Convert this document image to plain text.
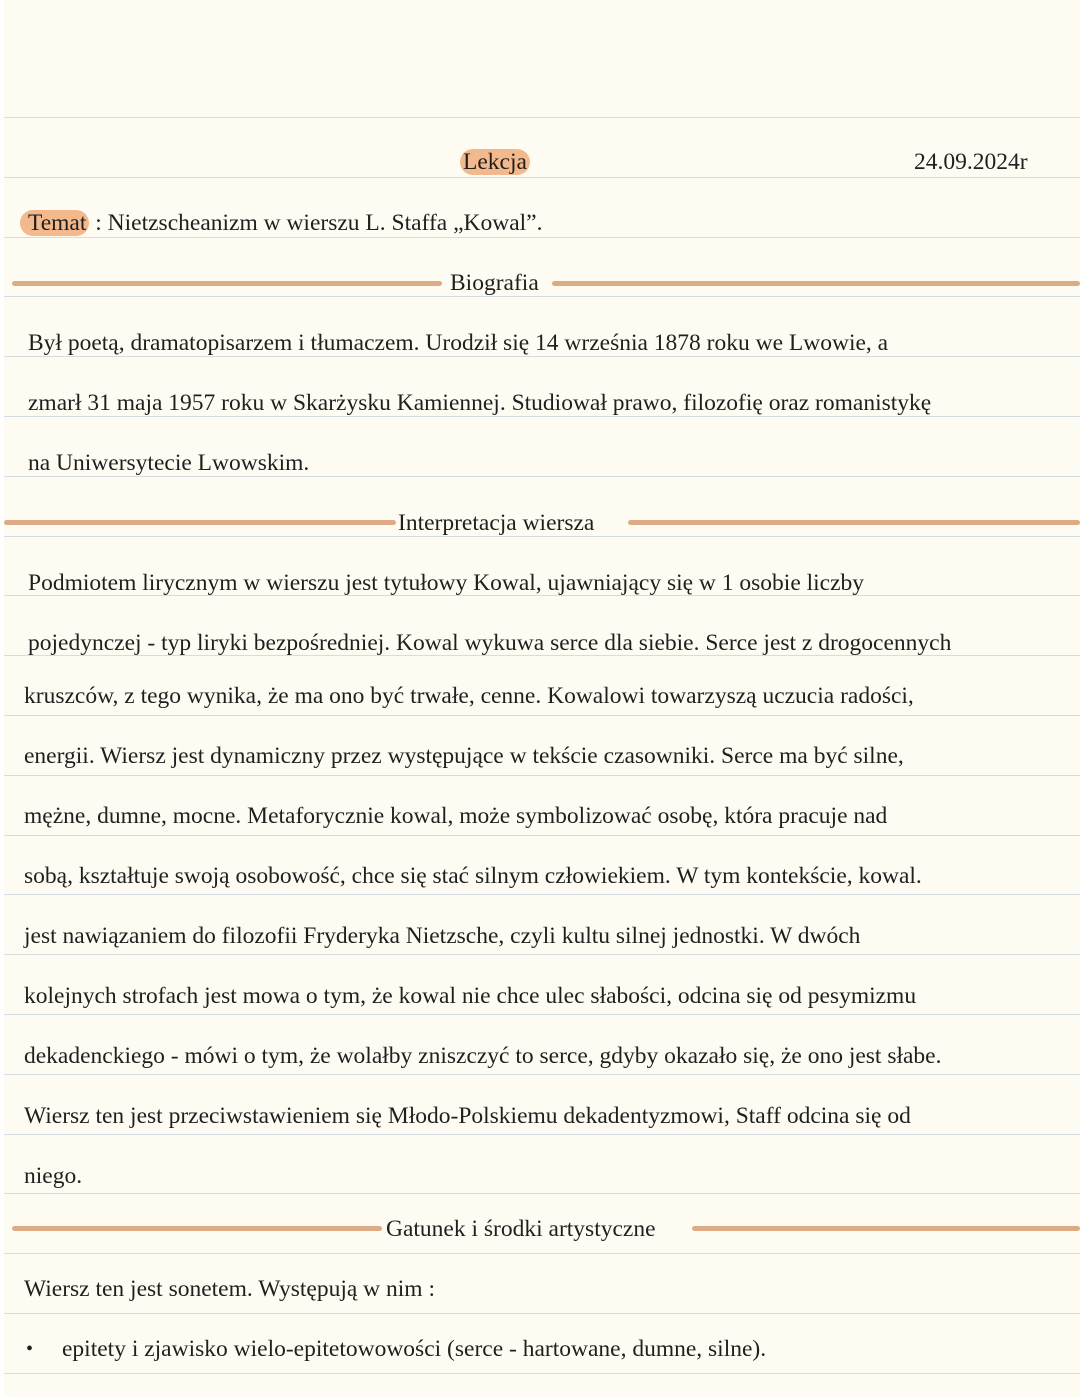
Lekcja	24.09.2024r
Temat : Nietzscheanizm w wierszu L. Staffa „Kowal”.
Biografia
Był poetą, dramatopisarzem i tłumaczem. Urodził się 14 września 1878 roku we Lwowie, a
zmarł 31 maja 1957 roku w Skarżysku Kamiennej. Studiował prawo, filozofię oraz romanistykę
na Uniwersytecie Lwowskim.
Interpretacja wiersza
Podmiotem lirycznym w wierszu jest tytułowy Kowal, ujawniający się w 1 osobie liczby
pojedynczej - typ liryki bezpośredniej. Kowal wykuwa serce dla siebie. Serce jest z drogocennych
kruszców, z tego wynika, że ma ono być trwałe, cenne. Kowalowi towarzyszą uczucia radości,
energii. Wiersz jest dynamiczny przez występujące w tekście czasowniki. Serce ma być silne,
mężne, dumne, mocne. Metaforycznie kowal, może symbolizować osobę, która pracuje nad
sobą, kształtuje swoją osobowość, chce się stać silnym człowiekiem. W tym kontekście, kowal.
jest nawiązaniem do filozofii Fryderyka Nietzsche, czyli kultu silnej jednostki. W dwóch
kolejnych strofach jest mowa o tym, że kowal nie chce ulec słabości, odcina się od pesymizmu
dekadenckiego - mówi o tym, że wolałby zniszczyć to serce, gdyby okazało się, że ono jest słabe.
Wiersz ten jest przeciwstawieniem się Młodo-Polskiemu dekadentyzmowi, Staff odcina się od
niego.
Gatunek i środki artystyczne
Wiersz ten jest sonetem. Występują w nim :
• epitety i zjawisko wielo-epitetowowości (serce - hartowane, dumne, silne).
